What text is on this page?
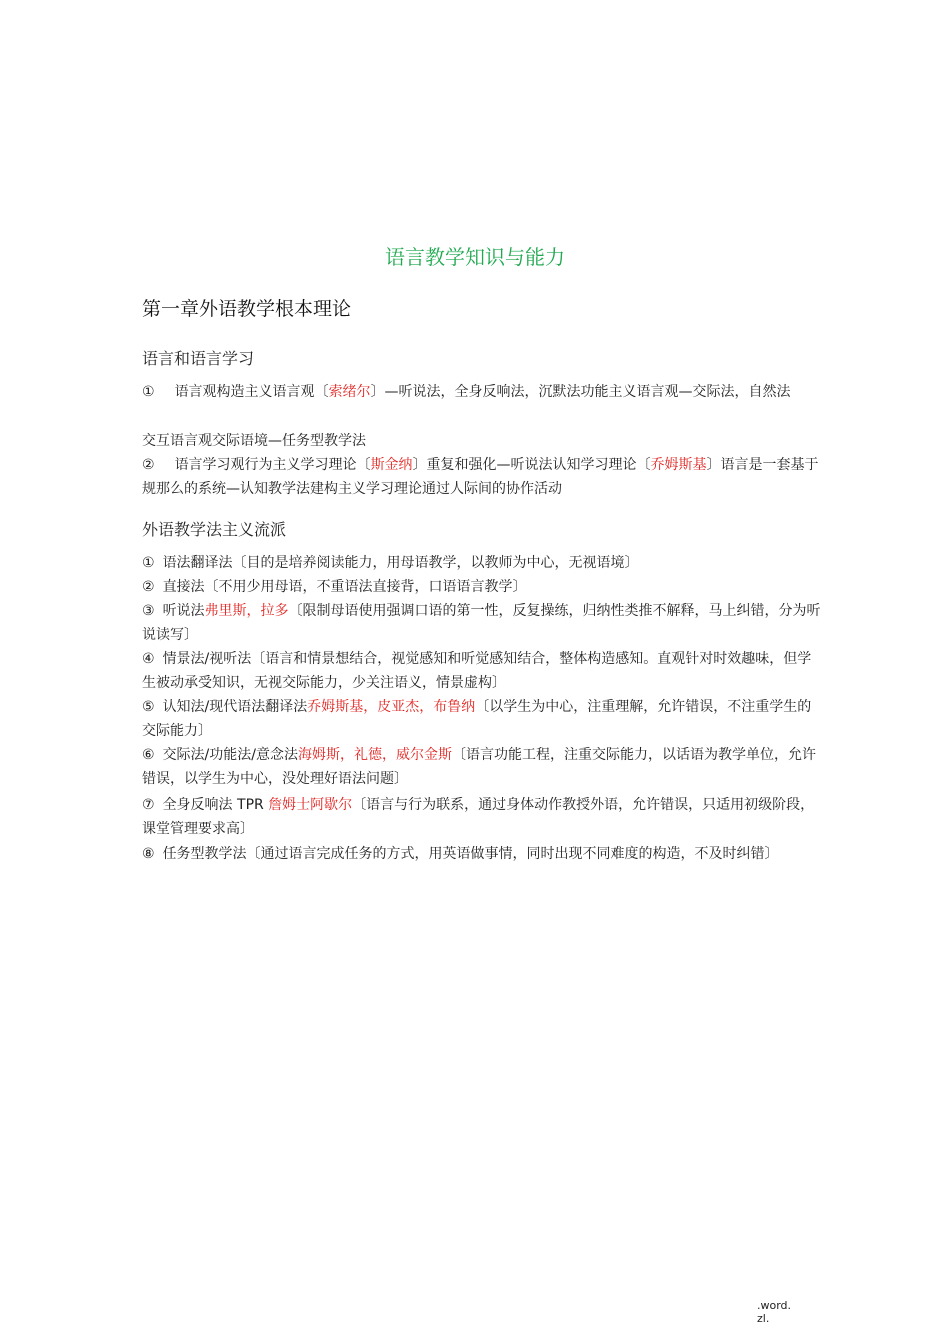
语言教学知识与能力
第一章外语教学根本理论
语言和语言学习
① 语言观构造主义语言观〔索绪尔〕—听说法，全身反响法，沉默法功能主义语言观—交际法，自然法
交互语言观交际语境—任务型教学法
② 语言学习观行为主义学习理论〔斯金纳〕重复和强化—听说法认知学习理论〔乔姆斯基〕语言是一套基于规那么的系统—认知教学法建构主义学习理论通过人际间的协作活动
外语教学法主义流派
① 语法翻译法〔目的是培养阅读能力，用母语教学，以教师为中心，无视语境〕
② 直接法〔不用少用母语，不重语法直接背，口语语言教学〕
③ 听说法弗里斯，拉多〔限制母语使用强调口语的第一性，反复操练，归纳性类推不解释，马上纠错，分为听说读写〕
④ 情景法/视听法〔语言和情景想结合，视觉感知和听觉感知结合，整体构造感知。直观针对时效趣味，但学生被动承受知识，无视交际能力，少关注语义，情景虚构〕
⑤ 认知法/现代语法翻译法乔姆斯基，皮亚杰，布鲁纳〔以学生为中心，注重理解，允许错误，不注重学生的交际能力〕
⑥ 交际法/功能法/意念法海姆斯，礼德，威尔金斯〔语言功能工程，注重交际能力，以话语为教学单位，允许错误，以学生为中心，没处理好语法问题〕
⑦ 全身反响法 TPR 詹姆士阿歇尔〔语言与行为联系，通过身体动作教授外语，允许错误，只适用初级阶段，课堂管理要求高〕
⑧ 任务型教学法〔通过语言完成任务的方式，用英语做事情，同时出现不同难度的构造，不及时纠错〕
.word.
zl.
